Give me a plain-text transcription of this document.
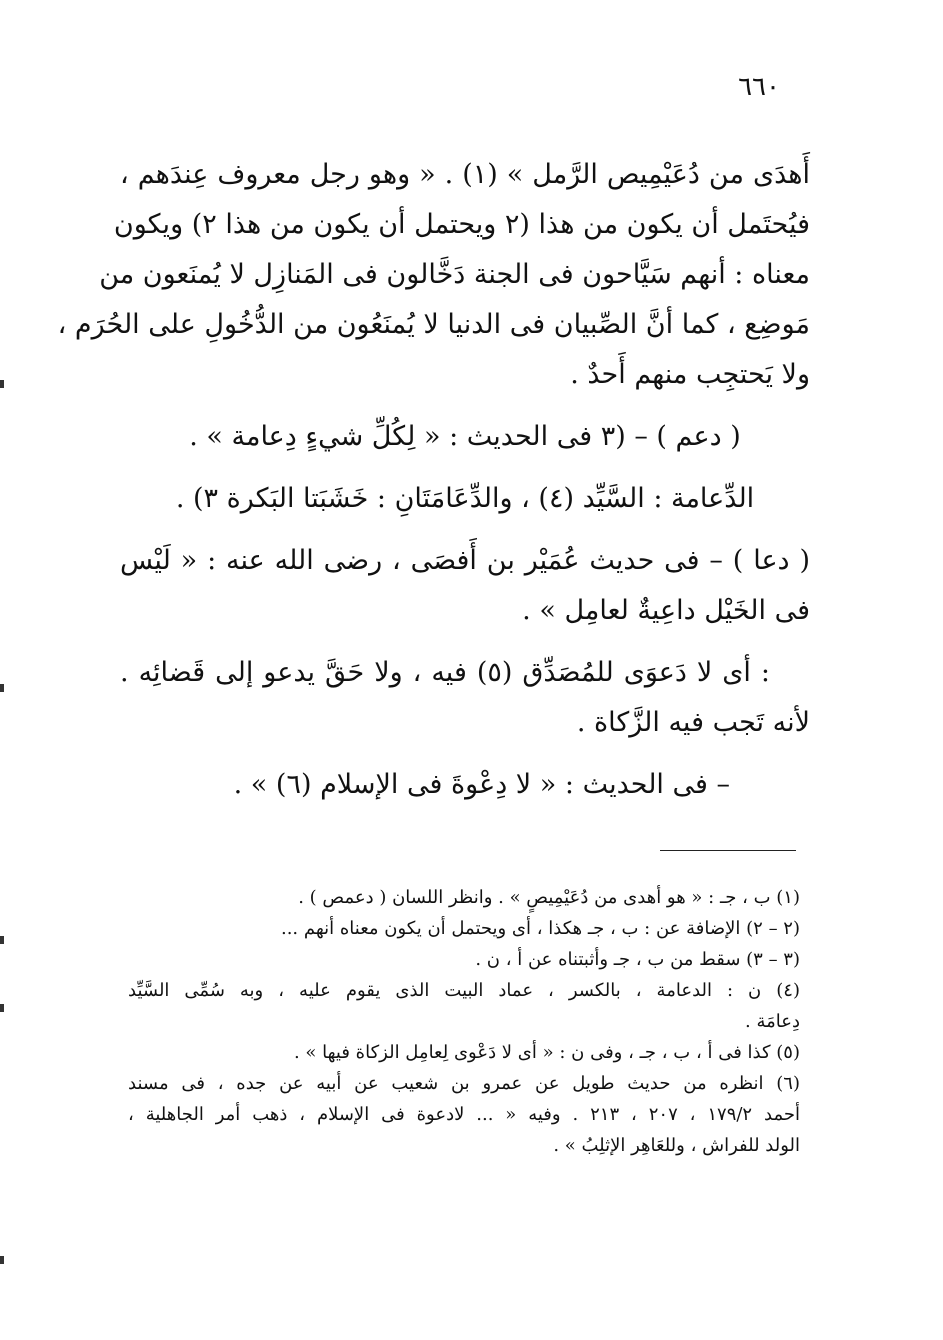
٦٦٠
أَهدَى من دُعَيْمِيص الرَّمل » (١) . « وهو رجل معروف عِندَهم ،
فيُحتَمل أن يكون من هذا (٢ ويحتمل أن يكون من هذا ٢) ويكون
معناه : أنهم سَيَّاحون فى الجنة دَخَّالون فى المَنازِل لا يُمنَعون من
مَوضِع ، كما أنَّ الصِّبيان فى الدنيا لا يُمنَعُون من الدُّخُولِ على الحُرَم ،
ولا يَحتجِب منهم أَحدٌ .
( دعم ) – (٣ فى الحديث : « لِكُلِّ شيءٍ دِعامة » .
الدِّعامة : السَّيِّد (٤) ، والدِّعَامَتَانِ : خَشَبَتا البَكرة ٣) .
( دعا ) – فى حديث عُمَيْر بن أَفصَى ، رضى الله عنه : « لَيْس
فى الخَيْل داعِيةٌ لعامِل » .
: أى لا دَعوَى للمُصَدِّق (٥) فيه ، ولا حَقَّ يدعو إلى قَضائِه .
لأنه تَجب فيه الزَّكاة .
– فى الحديث : « لا دِعْوةَ فى الإسلام (٦) » .
(١) ب ، جـ : « هو أهدى من دُعَيْمِيصٍ » . وانظر اللسان ( دعمص ) .
(٢ – ٢) الإضافة عن : ب ، جـ هكذا ، أى ويحتمل أن يكون معناه أنهم ...
(٣ – ٣) سقط من ب ، جـ وأثبتناه عن أ ، ن .
(٤) ن : الدعامة ، بالكسر ، عماد البيت الذى يقوم عليه ، وبه سُمِّى السَّيِّد
دِعامَة .
(٥) كذا فى أ ، ب ، جـ ، وفى ن : « أى لا دَعْوى لِعامِل الزكاة فيها » .
(٦) انظره من حديث طويل عن عمرو بن شعيب عن أبيه عن جده ، فى مسند
أحمد ١٧٩/٢ ، ٢٠٧ ، ٢١٣ . وفيه « ... لادعوة فى الإسلام ، ذهب أمر الجاهلية ،
الولد للفراش ، وللعَاهِر الإثلِبُ » .
